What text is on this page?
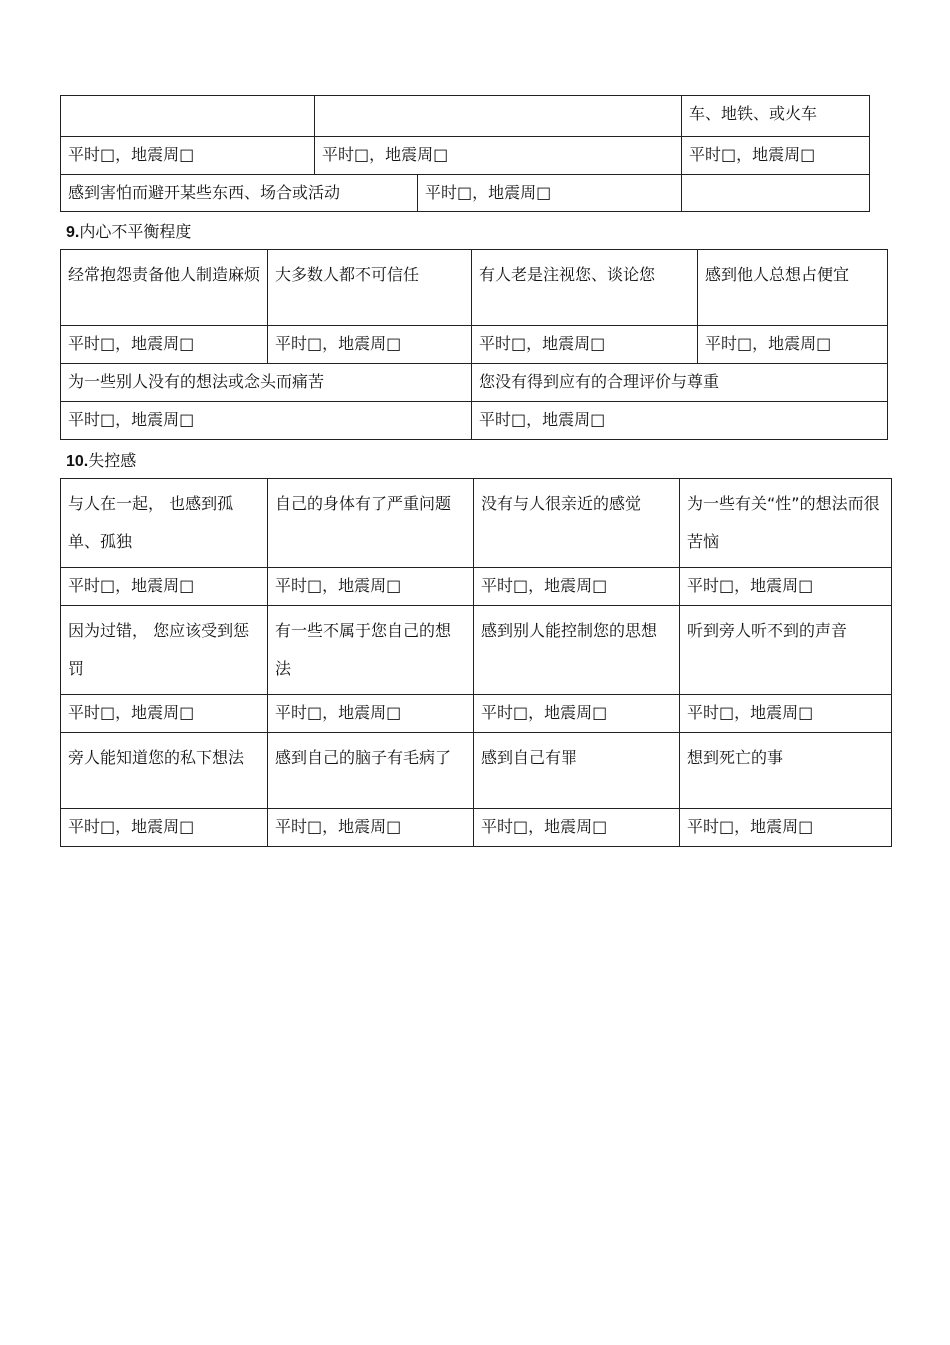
			车、地铁、或火车
平时□，地震周□	平时□，地震周□		平时□，地震周□
感到害怕而避开某些东西、场合或活动		平时□，地震周□	
9.内心不平衡程度
经常抱怨责备他人制造麻烦	大多数人都不可信任	有人老是注视您、谈论您	感到他人总想占便宜
平时□，地震周□	平时□，地震周□	平时□，地震周□	平时□，地震周□
为一些别人没有的想法或念头而痛苦		您没有得到应有的合理评价与尊重	
平时□，地震周□		平时□，地震周□	
10.失控感
与人在一起， 也感到孤单、孤独	自己的身体有了严重问题	没有与人很亲近的感觉	为一些有关“性”的想法而很苦恼
平时□，地震周□	平时□，地震周□	平时□，地震周□	平时□，地震周□
因为过错， 您应该受到惩罚	有一些不属于您自己的想法	感到别人能控制您的思想	听到旁人听不到的声音
平时□，地震周□	平时□，地震周□	平时□，地震周□	平时□，地震周□
旁人能知道您的私下想法	感到自己的脑子有毛病了	感到自己有罪	想到死亡的事
平时□，地震周□	平时□，地震周□	平时□，地震周□	平时□，地震周□
